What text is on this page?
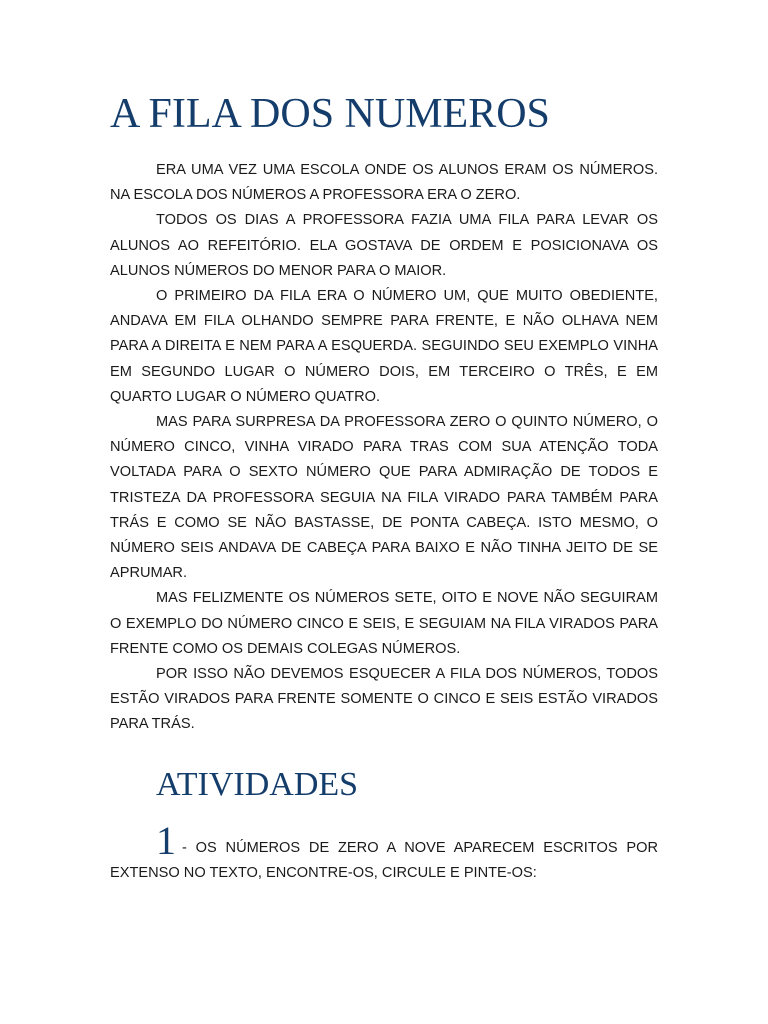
A FILA DOS NUMEROS

ERA UMA VEZ UMA ESCOLA ONDE OS ALUNOS ERAM OS NÚMEROS. NA ESCOLA DOS NÚMEROS A PROFESSORA ERA O ZERO.

TODOS OS DIAS A PROFESSORA FAZIA UMA FILA PARA LEVAR OS ALUNOS AO REFEITÓRIO. ELA GOSTAVA DE ORDEM E POSICIONAVA OS ALUNOS NÚMEROS DO MENOR PARA O MAIOR.

O PRIMEIRO DA FILA ERA O NÚMERO UM, QUE MUITO OBEDIENTE, ANDAVA EM FILA OLHANDO SEMPRE PARA FRENTE, E NÃO OLHAVA NEM PARA A DIREITA E NEM PARA A ESQUERDA. SEGUINDO SEU EXEMPLO VINHA EM SEGUNDO LUGAR O NÚMERO DOIS, EM TERCEIRO O TRÊS, E EM QUARTO LUGAR O NÚMERO QUATRO.

MAS PARA SURPRESA DA PROFESSORA ZERO O QUINTO NÚMERO, O NÚMERO CINCO, VINHA VIRADO PARA TRAS COM SUA ATENÇÃO TODA VOLTADA PARA O SEXTO NÚMERO QUE PARA ADMIRAÇÃO DE TODOS E TRISTEZA DA PROFESSORA SEGUIA NA FILA VIRADO PARA TAMBÉM PARA TRÁS E COMO SE NÃO BASTASSE, DE PONTA CABEÇA. ISTO MESMO, O NÚMERO SEIS ANDAVA DE CABEÇA PARA BAIXO E NÃO TINHA JEITO DE SE APRUMAR.

MAS FELIZMENTE OS NÚMEROS SETE, OITO E NOVE NÃO SEGUIRAM O EXEMPLO DO NÚMERO CINCO E SEIS, E SEGUIAM NA FILA VIRADOS PARA FRENTE COMO OS DEMAIS COLEGAS NÚMEROS.

POR ISSO NÃO DEVEMOS ESQUECER A FILA DOS NÚMEROS, TODOS ESTÃO VIRADOS PARA FRENTE SOMENTE O CINCO E SEIS ESTÃO VIRADOS PARA TRÁS.

ATIVIDADES

1 - OS NÚMEROS DE ZERO A NOVE APARECEM ESCRITOS POR EXTENSO NO TEXTO, ENCONTRE-OS, CIRCULE E PINTE-OS:
